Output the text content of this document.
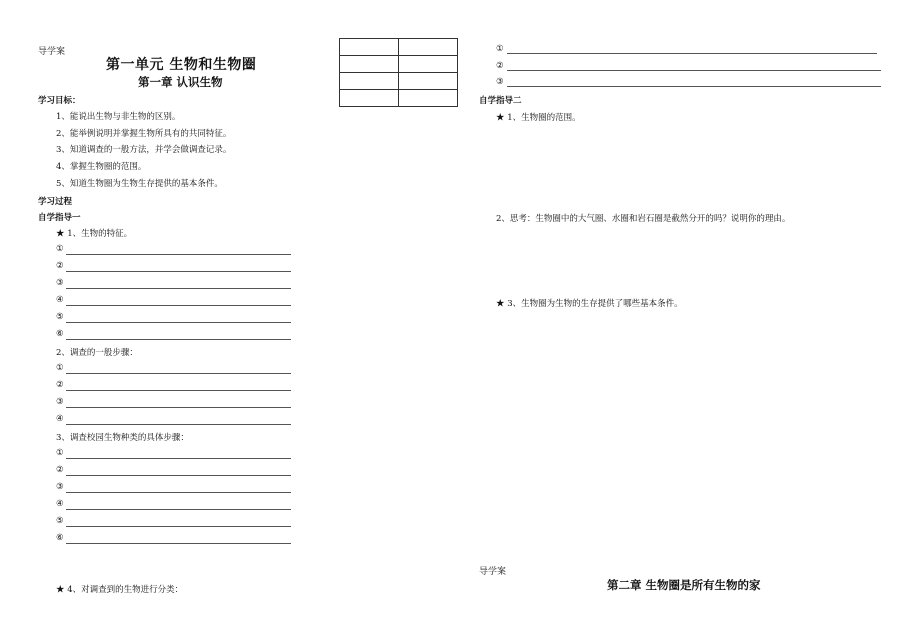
导学案
第一单元 生物和生物圈
第一章 认识生物
学习目标：
1、能说出生物与非生物的区别。
2、能举例说明并掌握生物所具有的共同特征。
3、知道调查的一般方法，并学会做调查记录。
4、掌握生物圈的范围。
5、知道生物圈为生物生存提供的基本条件。
学习过程
自学指导一
★ 1、生物的特征。
①
②
③
④
⑤
⑥
2、调查的一般步骤：
①
②
③
④
3、调查校园生物种类的具体步骤：
①
②
③
④
⑤
⑥
★ 4、对调查到的生物进行分类：

①
②
③
自学指导二
★ 1、生物圈的范围。
2、思考：生物圈中的大气圈、水圈和岩石圈是截然分开的吗？说明你的理由。
★ 3、生物圈为生物的生存提供了哪些基本条件。
导学案
第二章 生物圈是所有生物的家
